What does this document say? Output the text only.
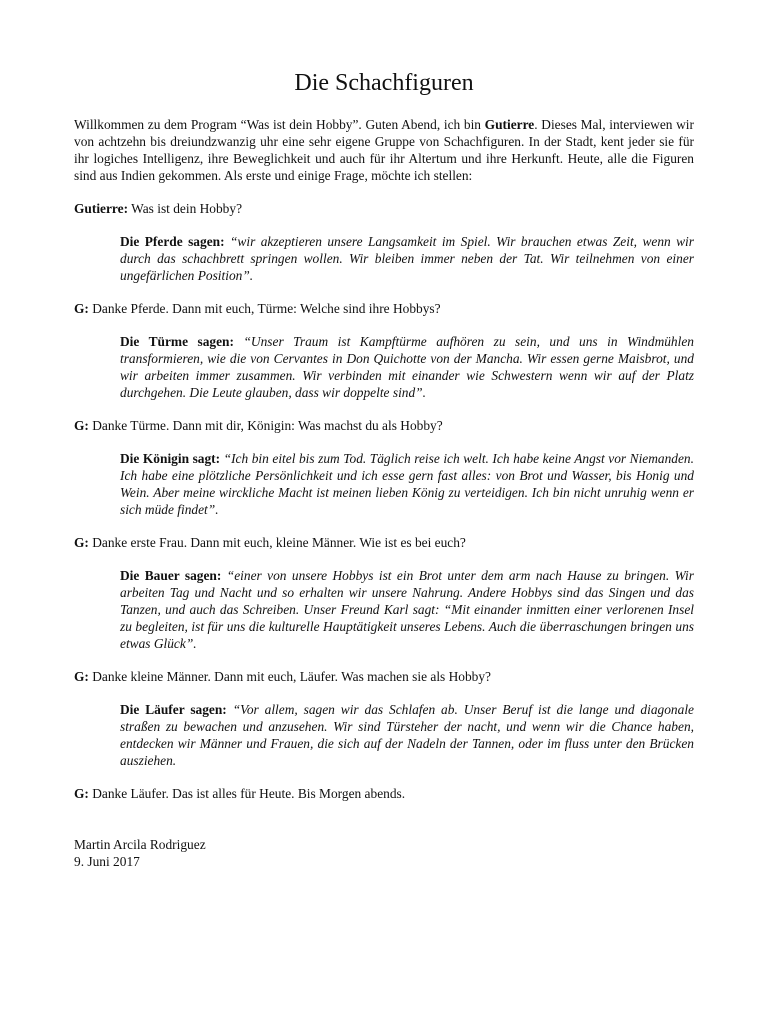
Die Schachfiguren

Willkommen zu dem Program “Was ist dein Hobby”. Guten Abend, ich bin Gutierre. Dieses Mal, interviewen wir von achtzehn bis dreiundzwanzig uhr eine sehr eigene Gruppe von Schachfiguren. In der Stadt, kent jeder sie für ihr logiches Intelligenz, ihre Beweglichkeit und auch für ihr Altertum und ihre Herkunft. Heute, alle die Figuren sind aus Indien gekommen. Als erste und einige Frage, möchte ich stellen:

Gutierre: Was ist dein Hobby?

Die Pferde sagen: “wir akzeptieren unsere Langsamkeit im Spiel. Wir brauchen etwas Zeit, wenn wir durch das schachbrett springen wollen. Wir bleiben immer neben der Tat. Wir teilnehmen von einer ungefärlichen Position”.

G: Danke Pferde. Dann mit euch, Türme: Welche sind ihre Hobbys?

Die Türme sagen: “Unser Traum ist Kampftürme aufhören zu sein, und uns in Windmühlen transformieren, wie die von Cervantes in Don Quichotte von der Mancha. Wir essen gerne Maisbrot, und wir arbeiten immer zusammen. Wir verbinden mit einander wie Schwestern wenn wir auf der Platz durchgehen. Die Leute glauben, dass wir doppelte sind”.

G: Danke Türme. Dann mit dir, Königin: Was machst du als Hobby?

Die Königin sagt: “Ich bin eitel bis zum Tod. Täglich reise ich welt. Ich habe keine Angst vor Niemanden. Ich habe eine plötzliche Persönlichkeit und ich esse gern fast alles: von Brot und Wasser, bis Honig und Wein. Aber meine wirckliche Macht ist meinen lieben König zu verteidigen. Ich bin nicht unruhig wenn er sich müde findet”.

G: Danke erste Frau. Dann mit euch, kleine Männer. Wie ist es bei euch?

Die Bauer sagen: “einer von unsere Hobbys ist ein Brot unter dem arm nach Hause zu bringen. Wir arbeiten Tag und Nacht und so erhalten wir unsere Nahrung. Andere Hobbys sind das Singen und das Tanzen, und auch das Schreiben. Unser Freund Karl sagt: “Mit einander inmitten einer verlorenen Insel zu begleiten, ist für uns die kulturelle Hauptätigkeit unseres Lebens. Auch die überraschungen bringen uns etwas Glück”.

G: Danke kleine Männer. Dann mit euch, Läufer. Was machen sie als Hobby?

Die Läufer sagen: “Vor allem, sagen wir das Schlafen ab. Unser Beruf ist die lange und diagonale straßen zu bewachen und anzusehen. Wir sind Türsteher der nacht, und wenn wir die Chance haben, entdecken wir Männer und Frauen, die sich auf der Nadeln der Tannen, oder im fluss unter den Brücken ausziehen.

G: Danke Läufer. Das ist alles für Heute. Bis Morgen abends.

Martin Arcila Rodriguez
9. Juni 2017
